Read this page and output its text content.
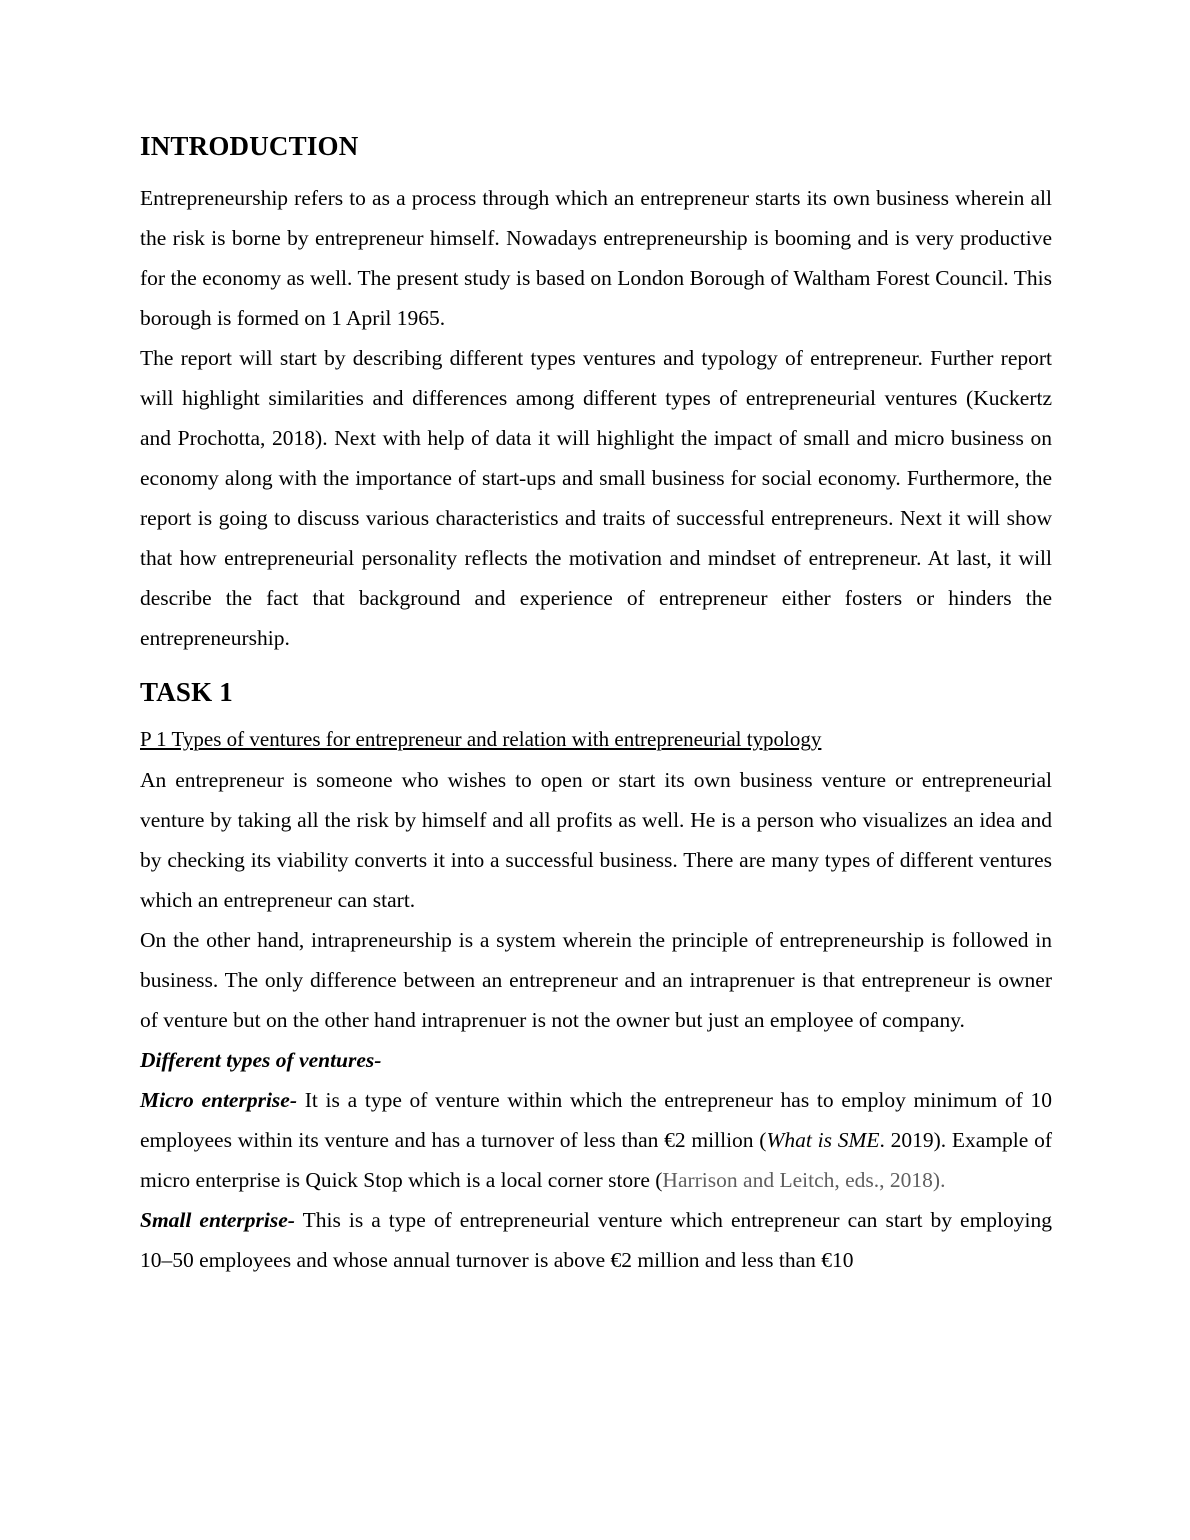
INTRODUCTION

Entrepreneurship refers to as a process through which an entrepreneur starts its own business wherein all the risk is borne by entrepreneur himself. Nowadays entrepreneurship is booming and is very productive for the economy as well. The present study is based on London Borough of Waltham Forest Council. This borough is formed on 1 April 1965.

The report will start by describing different types ventures and typology of entrepreneur. Further report will highlight similarities and differences among different types of entrepreneurial ventures (Kuckertz and Prochotta, 2018). Next with help of data it will highlight the impact of small and micro business on economy along with the importance of start-ups and small business for social economy. Furthermore, the report is going to discuss various characteristics and traits of successful entrepreneurs. Next it will show that how entrepreneurial personality reflects the motivation and mindset of entrepreneur. At last, it will describe the fact that background and experience of entrepreneur either fosters or hinders the entrepreneurship.

TASK 1

P 1 Types of ventures for entrepreneur and relation with entrepreneurial typology

An entrepreneur is someone who wishes to open or start its own business venture or entrepreneurial venture by taking all the risk by himself and all profits as well. He is a person who visualizes an idea and by checking its viability converts it into a successful business. There are many types of different ventures which an entrepreneur can start.

On the other hand, intrapreneurship is a system wherein the principle of entrepreneurship is followed in business. The only difference between an entrepreneur and an intraprenuer is that entrepreneur is owner of venture but on the other hand intraprenuer is not the owner but just an employee of company.

Different types of ventures-

Micro enterprise- It is a type of venture within which the entrepreneur has to employ minimum of 10 employees within its venture and has a turnover of less than €2 million (What is SME. 2019). Example of micro enterprise is Quick Stop which is a local corner store (Harrison and Leitch, eds., 2018).

Small enterprise- This is a type of entrepreneurial venture which entrepreneur can start by employing 10–50 employees and whose annual turnover is above €2 million and less than €10
